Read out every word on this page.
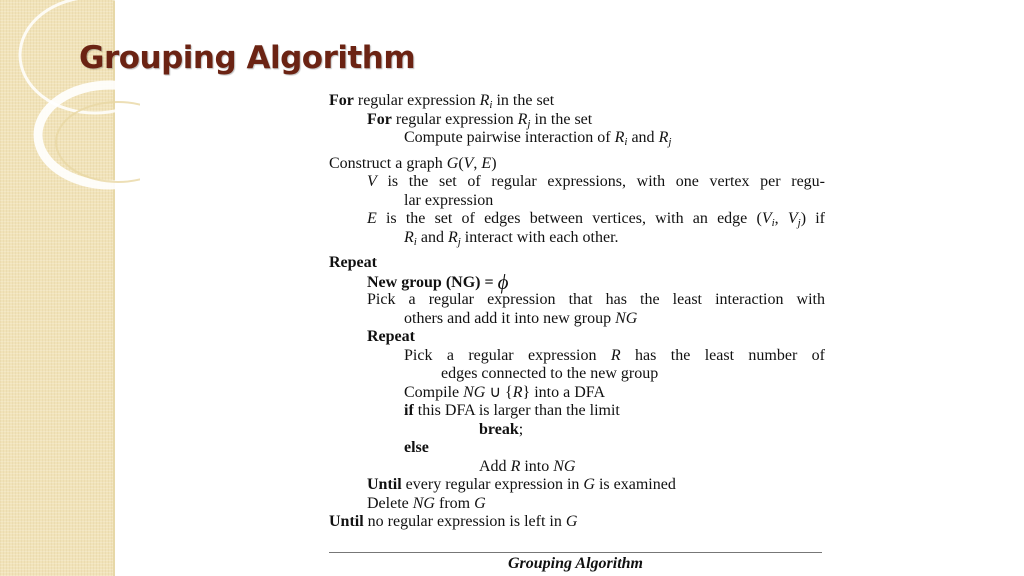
Grouping Algorithm
For regular expression $R_i$ in the set
For regular expression $R_j$ in the set
Compute pairwise interaction of $R_i$ and $R_j$
Construct a graph G(V, E)
V is the set of regular expressions, with one vertex per regu-
lar expression
E is the set of edges between vertices, with an edge ($V_i$, $V_j$) if
$R_i$ and $R_j$ interact with each other.
Repeat
New group (NG) = ϕ
Pick a regular expression that has the least interaction with
others and add it into new group NG
Repeat
Pick a regular expression R has the least number of
edges connected to the new group
Compile NG ∪ {R} into a DFA
if this DFA is larger than the limit
break;
else
Add R into NG
Until every regular expression in G is examined
Delete NG from G
Until no regular expression is left in G
Grouping Algorithm
